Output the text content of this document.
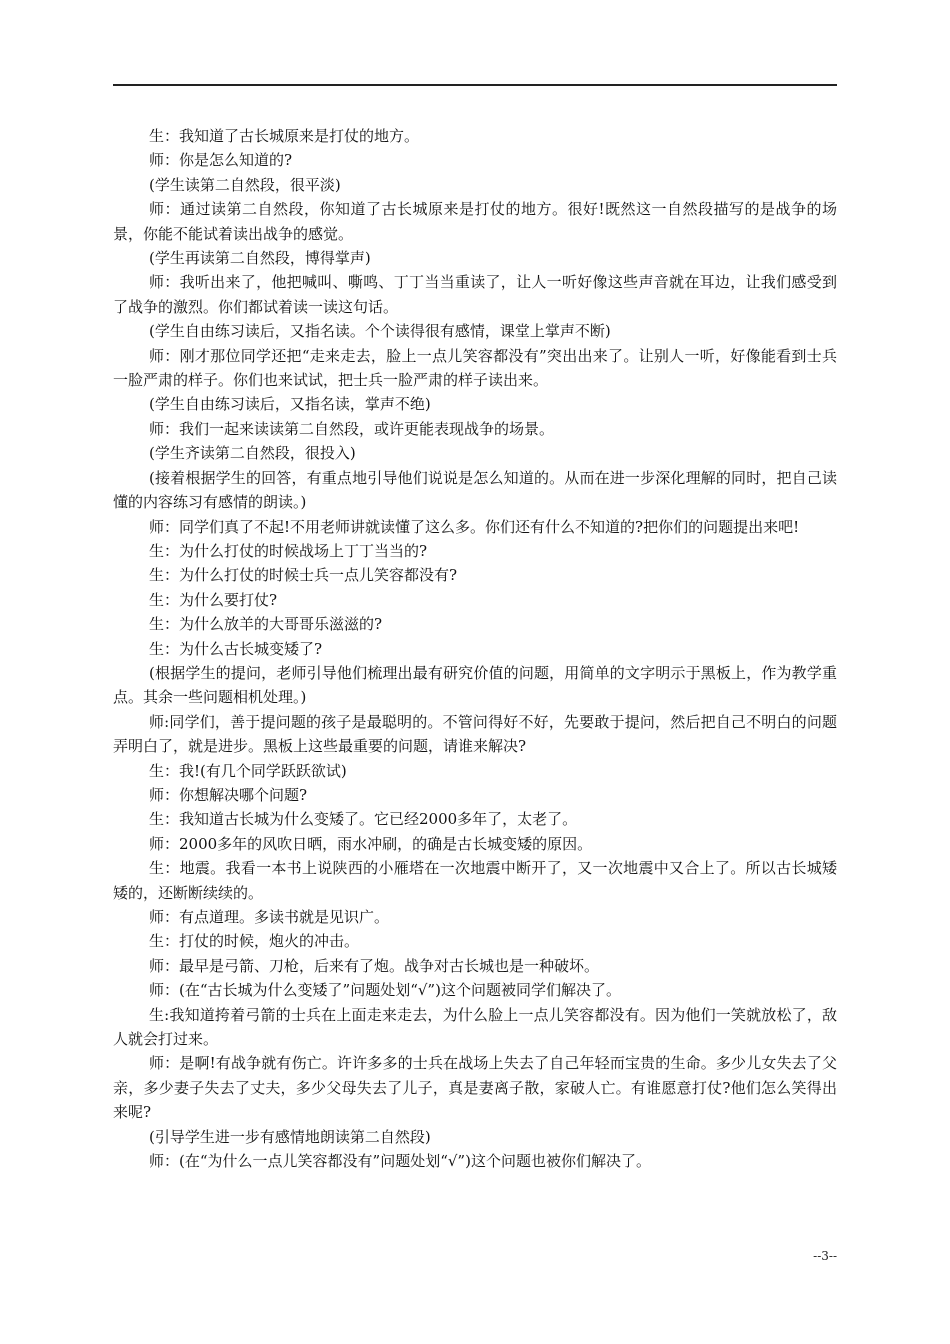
生：我知道了古长城原来是打仗的地方。

师：你是怎么知道的?

(学生读第二自然段，很平淡)

师：通过读第二自然段，你知道了古长城原来是打仗的地方。很好!既然这一自然段描写的是战争的场景，你能不能试着读出战争的感觉。

(学生再读第二自然段，博得掌声)

师：我听出来了，他把喊叫、嘶鸣、丁丁当当重读了，让人一听好像这些声音就在耳边，让我们感受到了战争的激烈。你们都试着读一读这句话。

(学生自由练习读后，又指名读。个个读得很有感情，课堂上掌声不断)

师：刚才那位同学还把“走来走去，脸上一点儿笑容都没有”突出出来了。让别人一听，好像能看到士兵一脸严肃的样子。你们也来试试，把士兵一脸严肃的样子读出来。

(学生自由练习读后，又指名读，掌声不绝)

师：我们一起来读读第二自然段，或许更能表现战争的场景。

(学生齐读第二自然段，很投入)

(接着根据学生的回答，有重点地引导他们说说是怎么知道的。从而在进一步深化理解的同时，把自己读懂的内容练习有感情的朗读。)

师：同学们真了不起!不用老师讲就读懂了这么多。你们还有什么不知道的?把你们的问题提出来吧!

生：为什么打仗的时候战场上丁丁当当的?

生：为什么打仗的时候士兵一点儿笑容都没有?

生：为什么要打仗?

生：为什么放羊的大哥哥乐滋滋的?

生：为什么古长城变矮了?

(根据学生的提问，老师引导他们梳理出最有研究价值的问题，用简单的文字明示于黑板上，作为教学重点。其余一些问题相机处理。)

师:同学们，善于提问题的孩子是最聪明的。不管问得好不好，先要敢于提问，然后把自己不明白的问题弄明白了，就是进步。黑板上这些最重要的问题，请谁来解决?

生：我!(有几个同学跃跃欲试)

师：你想解决哪个问题?

生：我知道古长城为什么变矮了。它已经2000多年了，太老了。

师：2000多年的风吹日晒，雨水冲刷，的确是古长城变矮的原因。

生：地震。我看一本书上说陕西的小雁塔在一次地震中断开了，又一次地震中又合上了。所以古长城矮矮的，还断断续续的。

师：有点道理。多读书就是见识广。

生：打仗的时候，炮火的冲击。

师：最早是弓箭、刀枪，后来有了炮。战争对古长城也是一种破坏。

师：(在“古长城为什么变矮了”问题处划“√”)这个问题被同学们解决了。

生:我知道挎着弓箭的士兵在上面走来走去，为什么脸上一点儿笑容都没有。因为他们一笑就放松了，敌人就会打过来。

师：是啊!有战争就有伤亡。许许多多的士兵在战场上失去了自己年轻而宝贵的生命。多少儿女失去了父亲，多少妻子失去了丈夫，多少父母失去了儿子，真是妻离子散，家破人亡。有谁愿意打仗?他们怎么笑得出来呢?

(引导学生进一步有感情地朗读第二自然段)

师：(在“为什么一点儿笑容都没有”问题处划“√”)这个问题也被你们解决了。

--3--
